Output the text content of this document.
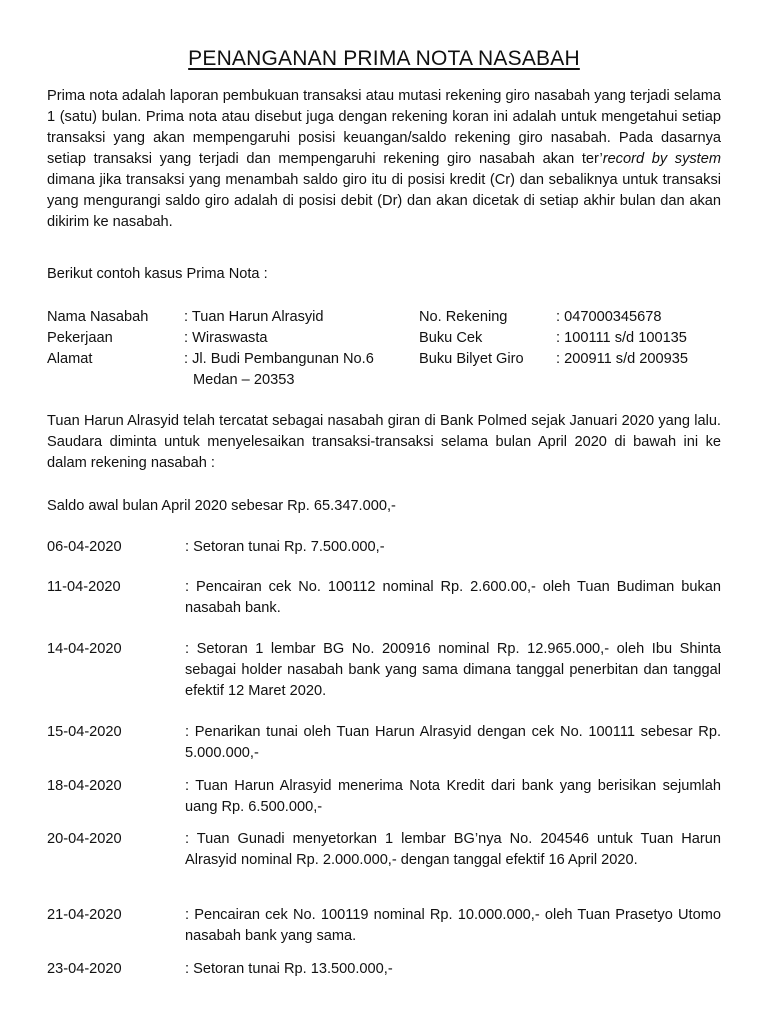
PENANGANAN PRIMA NOTA NASABAH

Prima nota adalah laporan pembukuan transaksi atau mutasi rekening giro nasabah yang terjadi selama 1 (satu) bulan. Prima nota atau disebut juga dengan rekening koran ini adalah untuk mengetahui setiap transaksi yang akan mempengaruhi posisi keuangan/saldo rekening giro nasabah. Pada dasarnya setiap transaksi yang terjadi dan mempengaruhi rekening giro nasabah akan ter’record by system dimana jika transaksi yang menambah saldo giro itu di posisi kredit (Cr) dan sebaliknya untuk transaksi yang mengurangi saldo giro adalah di posisi debit (Dr) dan akan dicetak di setiap akhir bulan dan akan dikirim ke nasabah.

Berikut contoh kasus Prima Nota :

Nama Nasabah : Tuan Harun Alrasyid	No. Rekening	: 047000345678
Pekerjaan	: Wiraswasta	Buku Cek	: 100111 s/d 100135
Alamat	: Jl. Budi Pembangunan No.6	Buku Bilyet Giro : 200911 s/d 200935
Medan – 20353

Tuan Harun Alrasyid telah tercatat sebagai nasabah giran di Bank Polmed sejak Januari 2020 yang lalu. Saudara diminta untuk menyelesaikan transaksi-transaksi selama bulan April 2020 di bawah ini ke dalam rekening nasabah :

Saldo awal bulan April 2020 sebesar Rp. 65.347.000,-

06-04-2020	: Setoran tunai Rp. 7.500.000,-
11-04-2020	: Pencairan cek No. 100112 nominal Rp. 2.600.00,- oleh Tuan Budiman bukan nasabah bank.
14-04-2020	: Setoran 1 lembar BG No. 200916 nominal Rp. 12.965.000,- oleh Ibu Shinta sebagai holder nasabah bank yang sama dimana tanggal penerbitan dan tanggal efektif 12 Maret 2020.
15-04-2020	: Penarikan tunai oleh Tuan Harun Alrasyid dengan cek No. 100111 sebesar Rp. 5.000.000,-
18-04-2020	: Tuan Harun Alrasyid menerima Nota Kredit dari bank yang berisikan sejumlah uang Rp. 6.500.000,-
20-04-2020	: Tuan Gunadi menyetorkan 1 lembar BG’nya No. 204546 untuk Tuan Harun Alrasyid nominal Rp. 2.000.000,- dengan tanggal efektif 16 April 2020.
21-04-2020	: Pencairan cek No. 100119 nominal Rp. 10.000.000,- oleh Tuan Prasetyo Utomo nasabah bank yang sama.
23-04-2020	: Setoran tunai Rp. 13.500.000,-
